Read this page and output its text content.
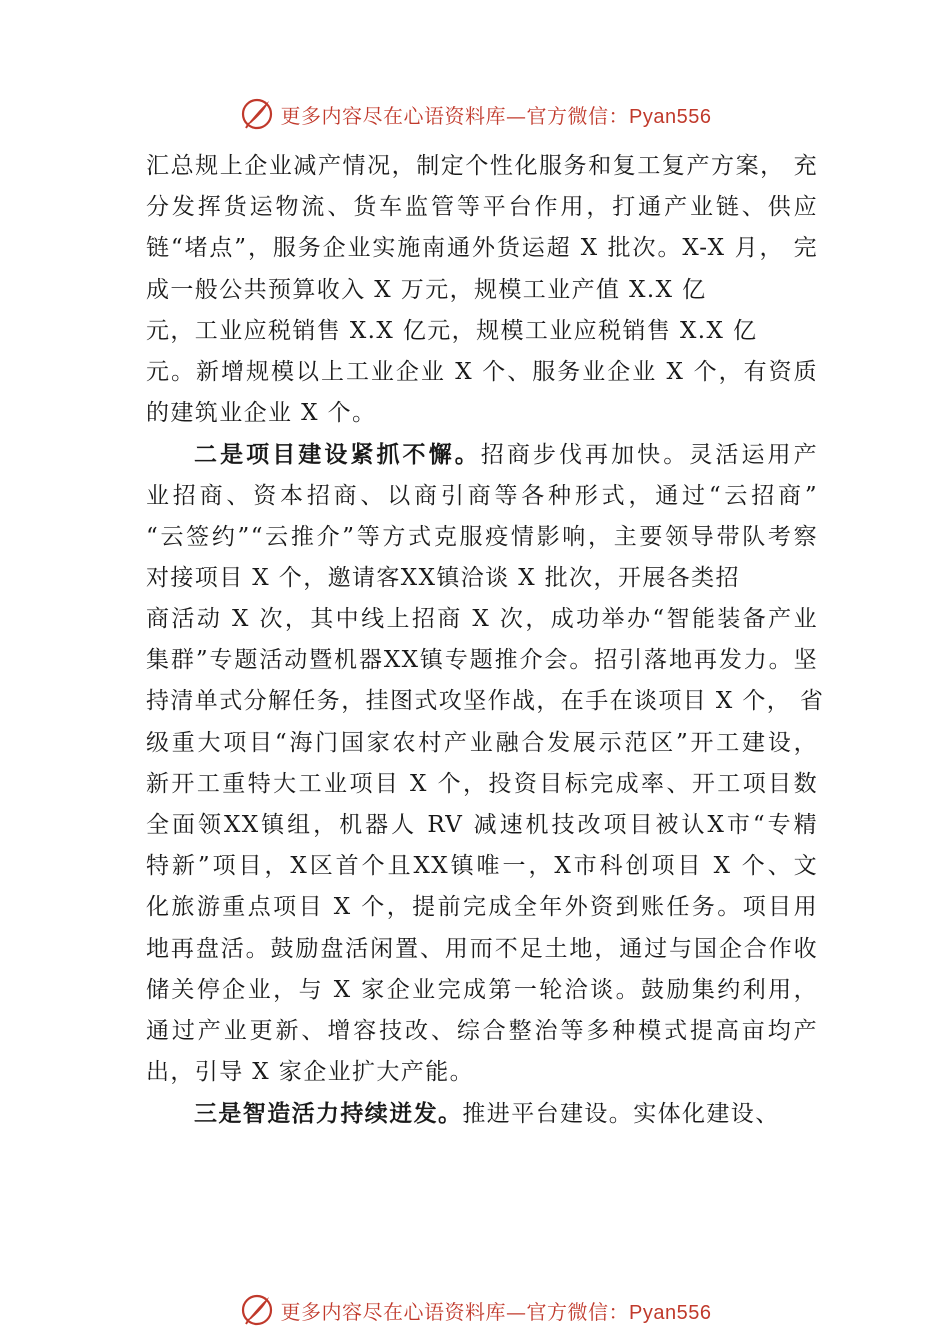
更多内容尽在心语资料库—官方微信：Pyan556
汇总规上企业减产情况，制定个性化服务和复工复产方案， 充
分发挥货运物流、货车监管等平台作用，打通产业链、供应
链“堵点”，服务企业实施南通外货运超 X 批次。X-X 月， 完
成一般公共预算收入 X 万元，规模工业产值 X.X 亿
元，工业应税销售 X.X 亿元，规模工业应税销售 X.X 亿
元。新增规模以上工业企业 X 个、服务业企业 X 个，有资质
的建筑业企业 X 个。
二是项目建设紧抓不懈。招商步伐再加快。灵活运用产
业招商、资本招商、以商引商等各种形式，通过“云招商”
“云签约”“云推介”等方式克服疫情影响，主要领导带队考察
对接项目 X 个，邀请客XX镇洽谈 X 批次，开展各类招
商活动 X 次，其中线上招商 X 次，成功举办“智能装备产业
集群”专题活动暨机器XX镇专题推介会。招引落地再发力。坚
持清单式分解任务，挂图式攻坚作战，在手在谈项目 X 个， 省
级重大项目“海门国家农村产业融合发展示范区”开工建设，
新开工重特大工业项目 X 个，投资目标完成率、开工项目数
全面领XX镇组，机器人 RV 减速机技改项目被认X市“专精
特新”项目，X区首个且XX镇唯一，X市科创项目 X 个、文
化旅游重点项目 X 个，提前完成全年外资到账任务。项目用
地再盘活。鼓励盘活闲置、用而不足土地，通过与国企合作收
储关停企业，与 X 家企业完成第一轮洽谈。鼓励集约利用，
通过产业更新、增容技改、综合整治等多种模式提高亩均产
出，引导 X 家企业扩大产能。
三是智造活力持续迸发。推进平台建设。实体化建设、
更多内容尽在心语资料库—官方微信：Pyan556
